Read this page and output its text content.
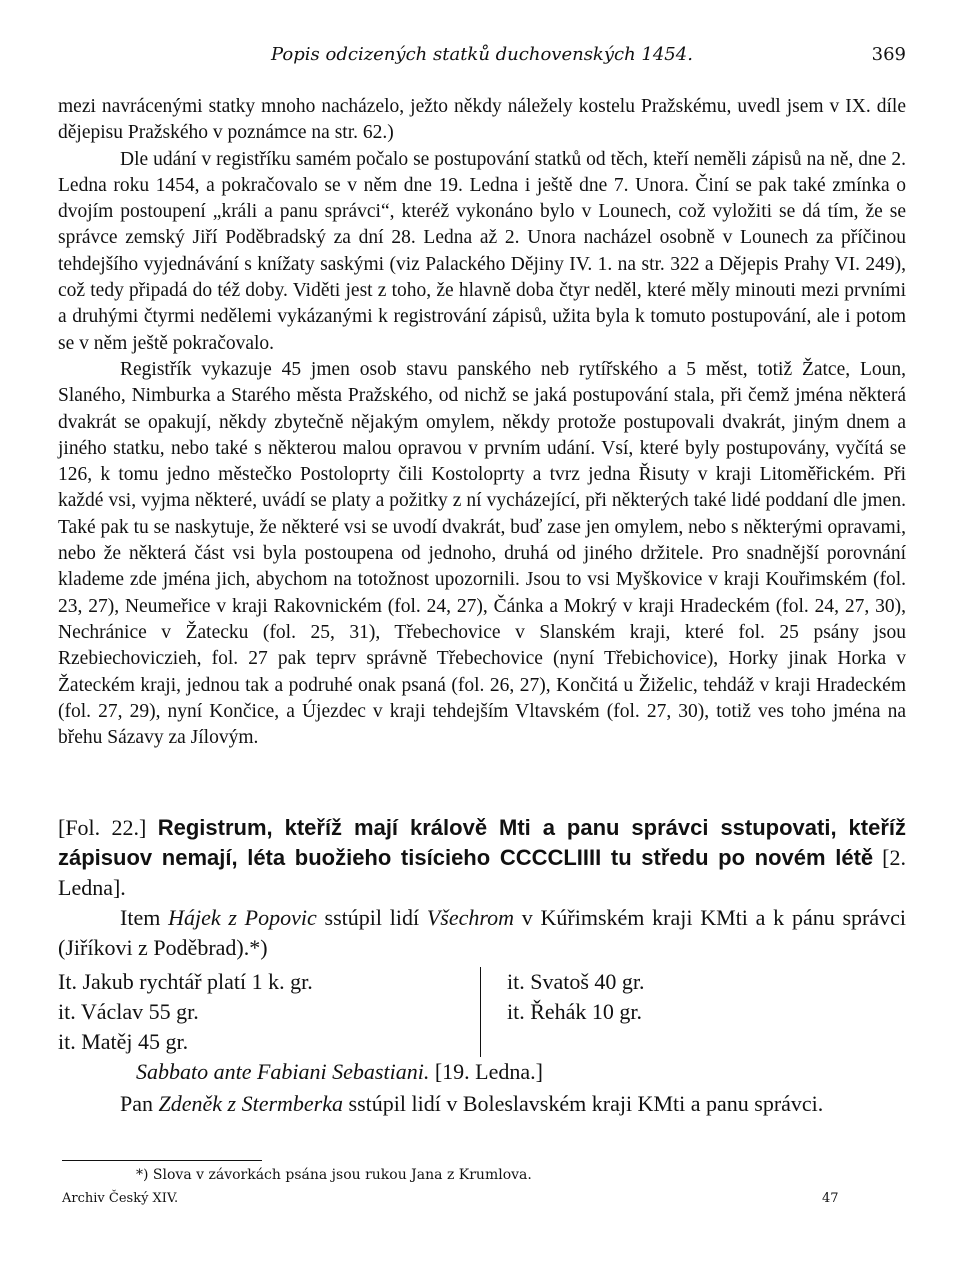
Popis odcizených statků duchovenských 1454.	369

mezi navrácenými statky mnoho nacházelo, ježto někdy náležely kostelu Pražskému, uvedl jsem v IX. díle dějepisu Pražského v poznámce na str. 62.)

Dle udání v registříku samém počalo se postupování statků od těch, kteří neměli zápisů na ně, dne 2. Ledna roku 1454, a pokračovalo se v něm dne 19. Ledna i ještě dne 7. Unora. Činí se pak také zmínka o dvojím postoupení „králi a panu správci“, kteréž vykonáno bylo v Lounech, což vyložiti se dá tím, že se správce zemský Jiří Poděbradský za dní 28. Ledna až 2. Unora nacházel osobně v Lounech za příčinou tehdejšího vyjednávání s knížaty saskými (viz Palackého Dějiny IV. 1. na str. 322 a Dějepis Prahy VI. 249), což tedy připadá do též doby. Viděti jest z toho, že hlavně doba čtyr neděl, které měly minouti mezi prvními a druhými čtyrmi nedělemi vykázanými k registrování zápisů, užita byla k tomuto postupování, ale i potom se v něm ještě pokračovalo.

Registřík vykazuje 45 jmen osob stavu panského neb rytířského a 5 měst, totiž Žatce, Loun, Slaného, Nimburka a Starého města Pražského, od nichž se jaká postupování stala, při čemž jména některá dvakrát se opakují, někdy zbytečně nějakým omylem, někdy protože postupovali dvakrát, jiným dnem a jiného statku, nebo také s některou malou opravou v prvním udání. Vsí, které byly postupovány, vyčítá se 126, k tomu jedno městečko Postoloprty čili Kostoloprty a tvrz jedna Řisuty v kraji Litoměřickém. Při každé vsi, vyjma některé, uvádí se platy a požitky z ní vycházející, při některých také lidé poddaní dle jmen. Také pak tu se naskytuje, že některé vsi se uvodí dvakrát, buď zase jen omylem, nebo s některými opravami, nebo že některá část vsi byla postoupena od jednoho, druhá od jiného držitele. Pro snadnější porovnání klademe zde jména jich, abychom na totožnost upozornili. Jsou to vsi Myškovice v kraji Kouřimském (fol. 23, 27), Neumeřice v kraji Rakovnickém (fol. 24, 27), Čánka a Mokrý v kraji Hradeckém (fol. 24, 27, 30), Nechránice v Žatecku (fol. 25, 31), Třebechovice v Slanském kraji, které fol. 25 psány jsou Rzebiechoviczieh, fol. 27 pak teprv správně Třebechovice (nyní Třebichovice), Horky jinak Horka v Žateckém kraji, jednou tak a podruhé onak psaná (fol. 26, 27), Končitá u Žiželic, tehdáž v kraji Hradeckém (fol. 27, 29), nyní Končice, a Újezdec v kraji tehdejším Vltavském (fol. 27, 30), totiž ves toho jména na břehu Sázavy za Jílovým.

[Fol. 22.] Registrum, kteříž mají králově Mti a panu správci sstupovati, kteříž zápisuov nemají, léta buožieho tisícieho CCCCLIIII tu středu po novém létě [2. Ledna].

Item Hájek z Popovic sstúpil lidí Všechrom v Kúřimském kraji KMti a k pánu správci (Jiříkovi z Poděbrad).*)

It. Jakub rychtář platí 1 k. gr.
it. Václav 55 gr.
it. Matěj 45 gr.
it. Svatoš 40 gr.
it. Řehák 10 gr.

Sabbato ante Fabiani Sebastiani. [19. Ledna.]

Pan Zdeněk z Stermberka sstúpil lidí v Boleslavském kraji KMti a panu správci.

*) Slova v závorkách psána jsou rukou Jana z Krumlova.
Archiv Český XIV.	47
